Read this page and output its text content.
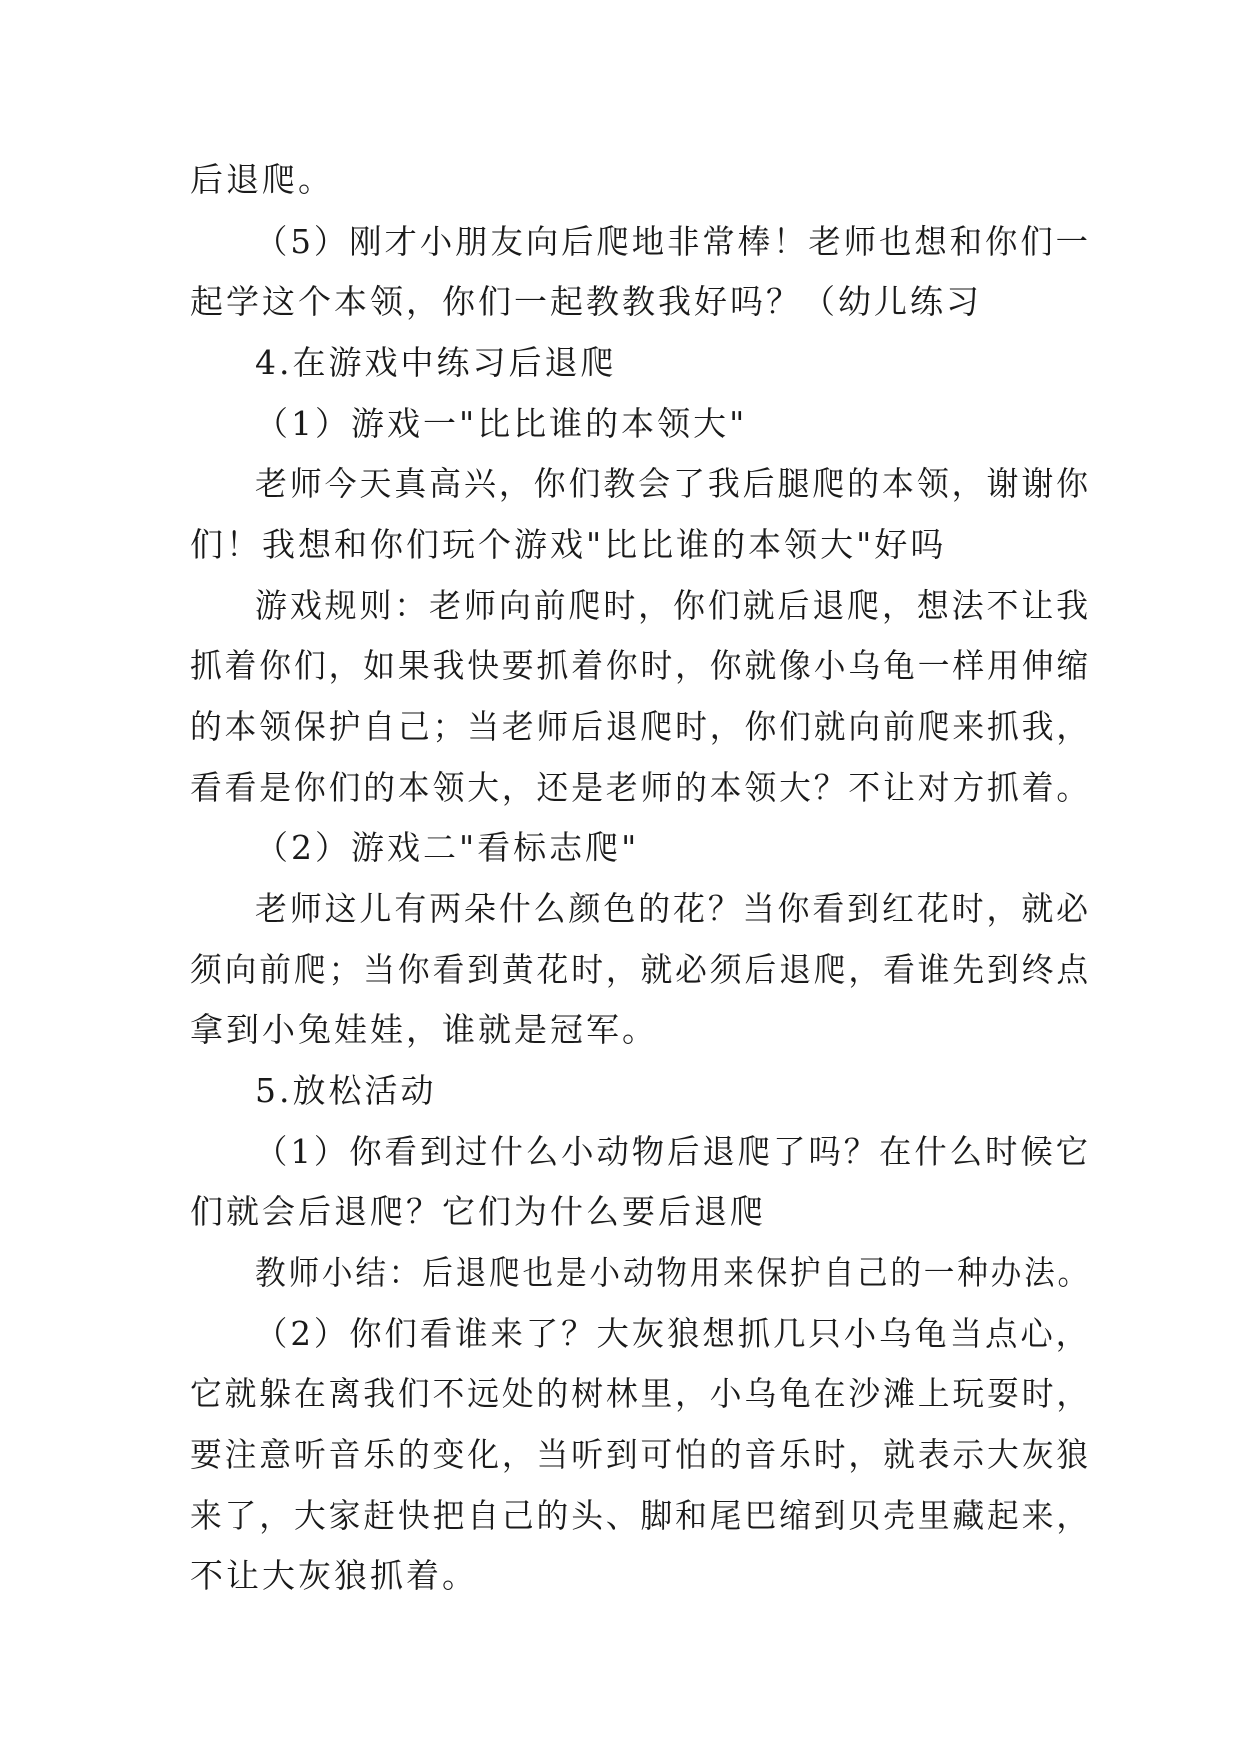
后退爬。
（5）刚才小朋友向后爬地非常棒！老师也想和你们一
起学这个本领，你们一起教教我好吗？（幼儿练习
4.在游戏中练习后退爬
（1）游戏一"比比谁的本领大"
老师今天真高兴，你们教会了我后腿爬的本领，谢谢你
们！我想和你们玩个游戏"比比谁的本领大"好吗
游戏规则：老师向前爬时，你们就后退爬，想法不让我
抓着你们，如果我快要抓着你时，你就像小乌龟一样用伸缩
的本领保护自己；当老师后退爬时，你们就向前爬来抓我，
看看是你们的本领大，还是老师的本领大？不让对方抓着。
（2）游戏二"看标志爬"
老师这儿有两朵什么颜色的花？当你看到红花时，就必
须向前爬；当你看到黄花时，就必须后退爬，看谁先到终点
拿到小兔娃娃，谁就是冠军。
5.放松活动
（1）你看到过什么小动物后退爬了吗？在什么时候它
们就会后退爬？它们为什么要后退爬
教师小结：后退爬也是小动物用来保护自己的一种办法。
（2）你们看谁来了？大灰狼想抓几只小乌龟当点心，
它就躲在离我们不远处的树林里，小乌龟在沙滩上玩耍时，
要注意听音乐的变化，当听到可怕的音乐时，就表示大灰狼
来了，大家赶快把自己的头、脚和尾巴缩到贝壳里藏起来，
不让大灰狼抓着。
